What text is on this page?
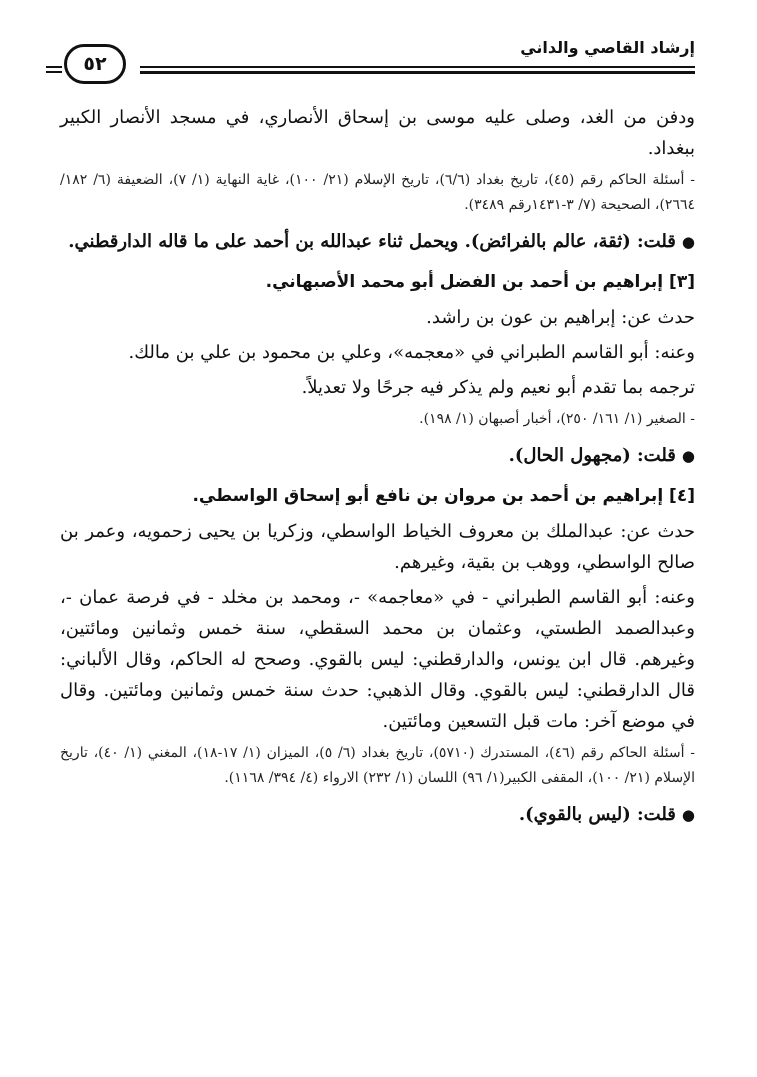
إرشاد القاصي والداني
٥٢

ودفن من الغد، وصلى عليه موسى بن إسحاق الأنصاري، في مسجد الأنصار الكبير ببغداد.

- أسئلة الحاكم رقم (٤٥)، تاريخ بغداد (٦/٦)، تاريخ الإسلام (٢١/ ١٠٠)، غاية النهاية (١/ ٧)، الضعيفة (٦/ ١٨٢/ ٢٦٦٤)، الصحيحة (٧/ ٣-١٤٣١رقم ٣٤٨٩).

●قلت: (ثقة، عالم بالفرائض). ويحمل ثناء عبدالله بن أحمد على ما قاله الدارقطني.

[٣] إبراهيم بن أحمد بن الفضل أبو محمد الأصبهاني.

حدث عن: إبراهيم بن عون بن راشد.

وعنه: أبو القاسم الطبراني في «معجمه»، وعلي بن محمود بن علي بن مالك.

ترجمه بما تقدم أبو نعيم ولم يذكر فيه جرحًا ولا تعديلاً.

- الصغير (١/ ١٦١/ ٢٥٠)، أخبار أصبهان (١/ ١٩٨).

●قلت: (مجهول الحال).

[٤] إبراهيم بن أحمد بن مروان بن نافع أبو إسحاق الواسطي.

حدث عن: عبدالملك بن معروف الخياط الواسطي، وزكريا بن يحيى زحمويه، وعمر بن صالح الواسطي، ووهب بن بقية، وغيرهم.

وعنه: أبو القاسم الطبراني - في «معاجمه» -، ومحمد بن مخلد - في فرصة عمان -، وعبدالصمد الطستي، وعثمان بن محمد السقطي، سنة خمس وثمانين ومائتين، وغيرهم. قال ابن يونس، والدارقطني: ليس بالقوي. وصحح له الحاكم، وقال الألباني: قال الدارقطني: ليس بالقوي. وقال الذهبي: حدث سنة خمس وثمانين ومائتين. وقال في موضع آخر: مات قبل التسعين ومائتين.

- أسئلة الحاكم رقم (٤٦)، المستدرك (٥٧١٠)، تاريخ بغداد (٦/ ٥)، الميزان (١/ ١٧-١٨)، المغني (١/ ٤٠)، تاريخ الإسلام (٢١/ ١٠٠)، المقفى الكبير(١/ ٩٦) اللسان (١/ ٢٣٢) الارواء (٤/ ٣٩٤/ ١١٦٨).

●قلت: (ليس بالقوي).
